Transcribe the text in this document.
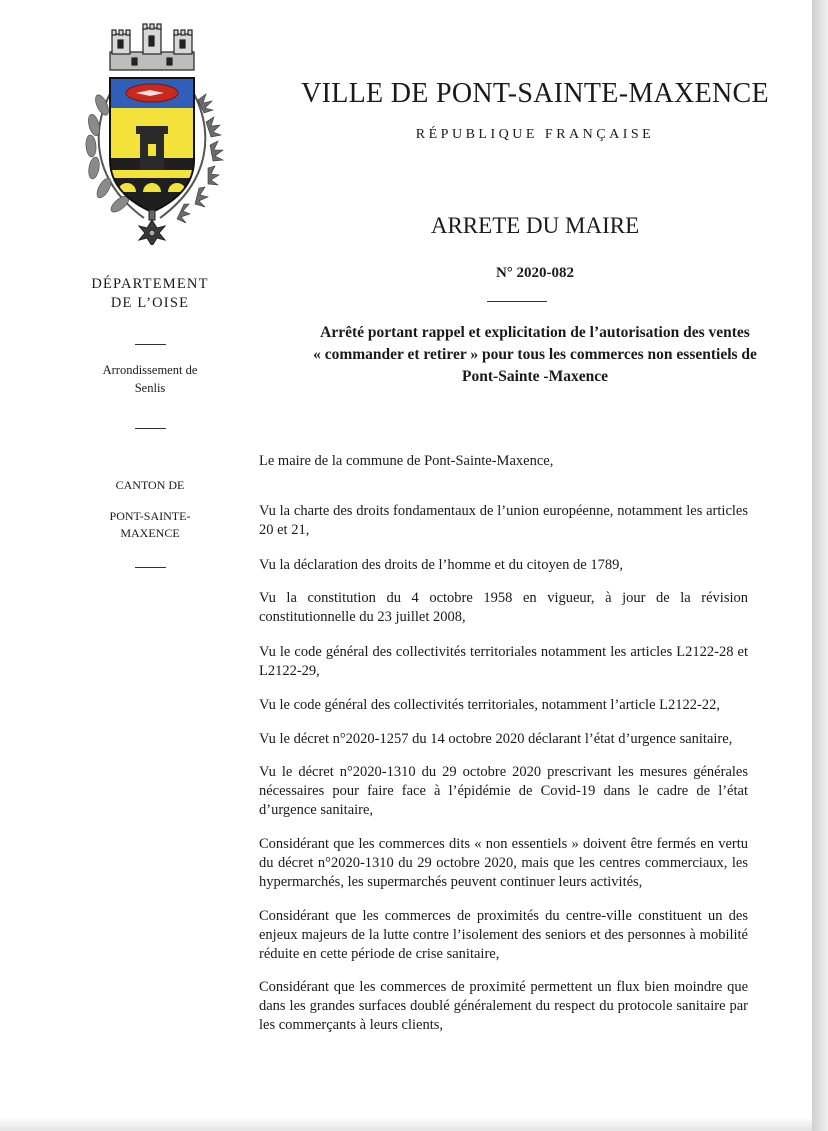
VILLE DE PONT-SAINTE-MAXENCE
RÉPUBLIQUE FRANÇAISE
ARRETE DU MAIRE
N° 2020-082
Arrêté portant rappel et explicitation de l’autorisation des ventes
« commander et retirer » pour tous les commerces non essentiels de
Pont-Sainte -Maxence
DÉPARTEMENT
DE L’OISE
Arrondissement de
Senlis
CANTON DE
PONT-SAINTE-
MAXENCE
Le maire de la commune de Pont-Sainte-Maxence,
Vu la charte des droits fondamentaux de l’union européenne, notamment les articles 20 et 21,
Vu la déclaration des droits de l’homme et du citoyen de 1789,
Vu la constitution du 4 octobre 1958 en vigueur, à jour de la révision constitutionnelle du 23 juillet 2008,
Vu le code général des collectivités territoriales notamment les articles L2122-28 et L2122-29,
Vu le code général des collectivités territoriales, notamment l’article L2122-22,
Vu le décret n°2020-1257 du 14 octobre 2020 déclarant l’état d’urgence sanitaire,
Vu le décret n°2020-1310 du 29 octobre 2020 prescrivant les mesures générales nécessaires pour faire face à l’épidémie de Covid-19 dans le cadre de l’état d’urgence sanitaire,
Considérant que les commerces dits « non essentiels » doivent être fermés en vertu du décret n°2020-1310 du 29 octobre 2020, mais que les centres commerciaux, les hypermarchés, les supermarchés peuvent continuer leurs activités,
Considérant que les commerces de proximités du centre-ville constituent un des enjeux majeurs de la lutte contre l’isolement des seniors et des personnes à mobilité réduite en cette période de crise sanitaire,
Considérant que les commerces de proximité permettent un flux bien moindre que dans les grandes surfaces doublé généralement du respect du protocole sanitaire par les commerçants à leurs clients,
